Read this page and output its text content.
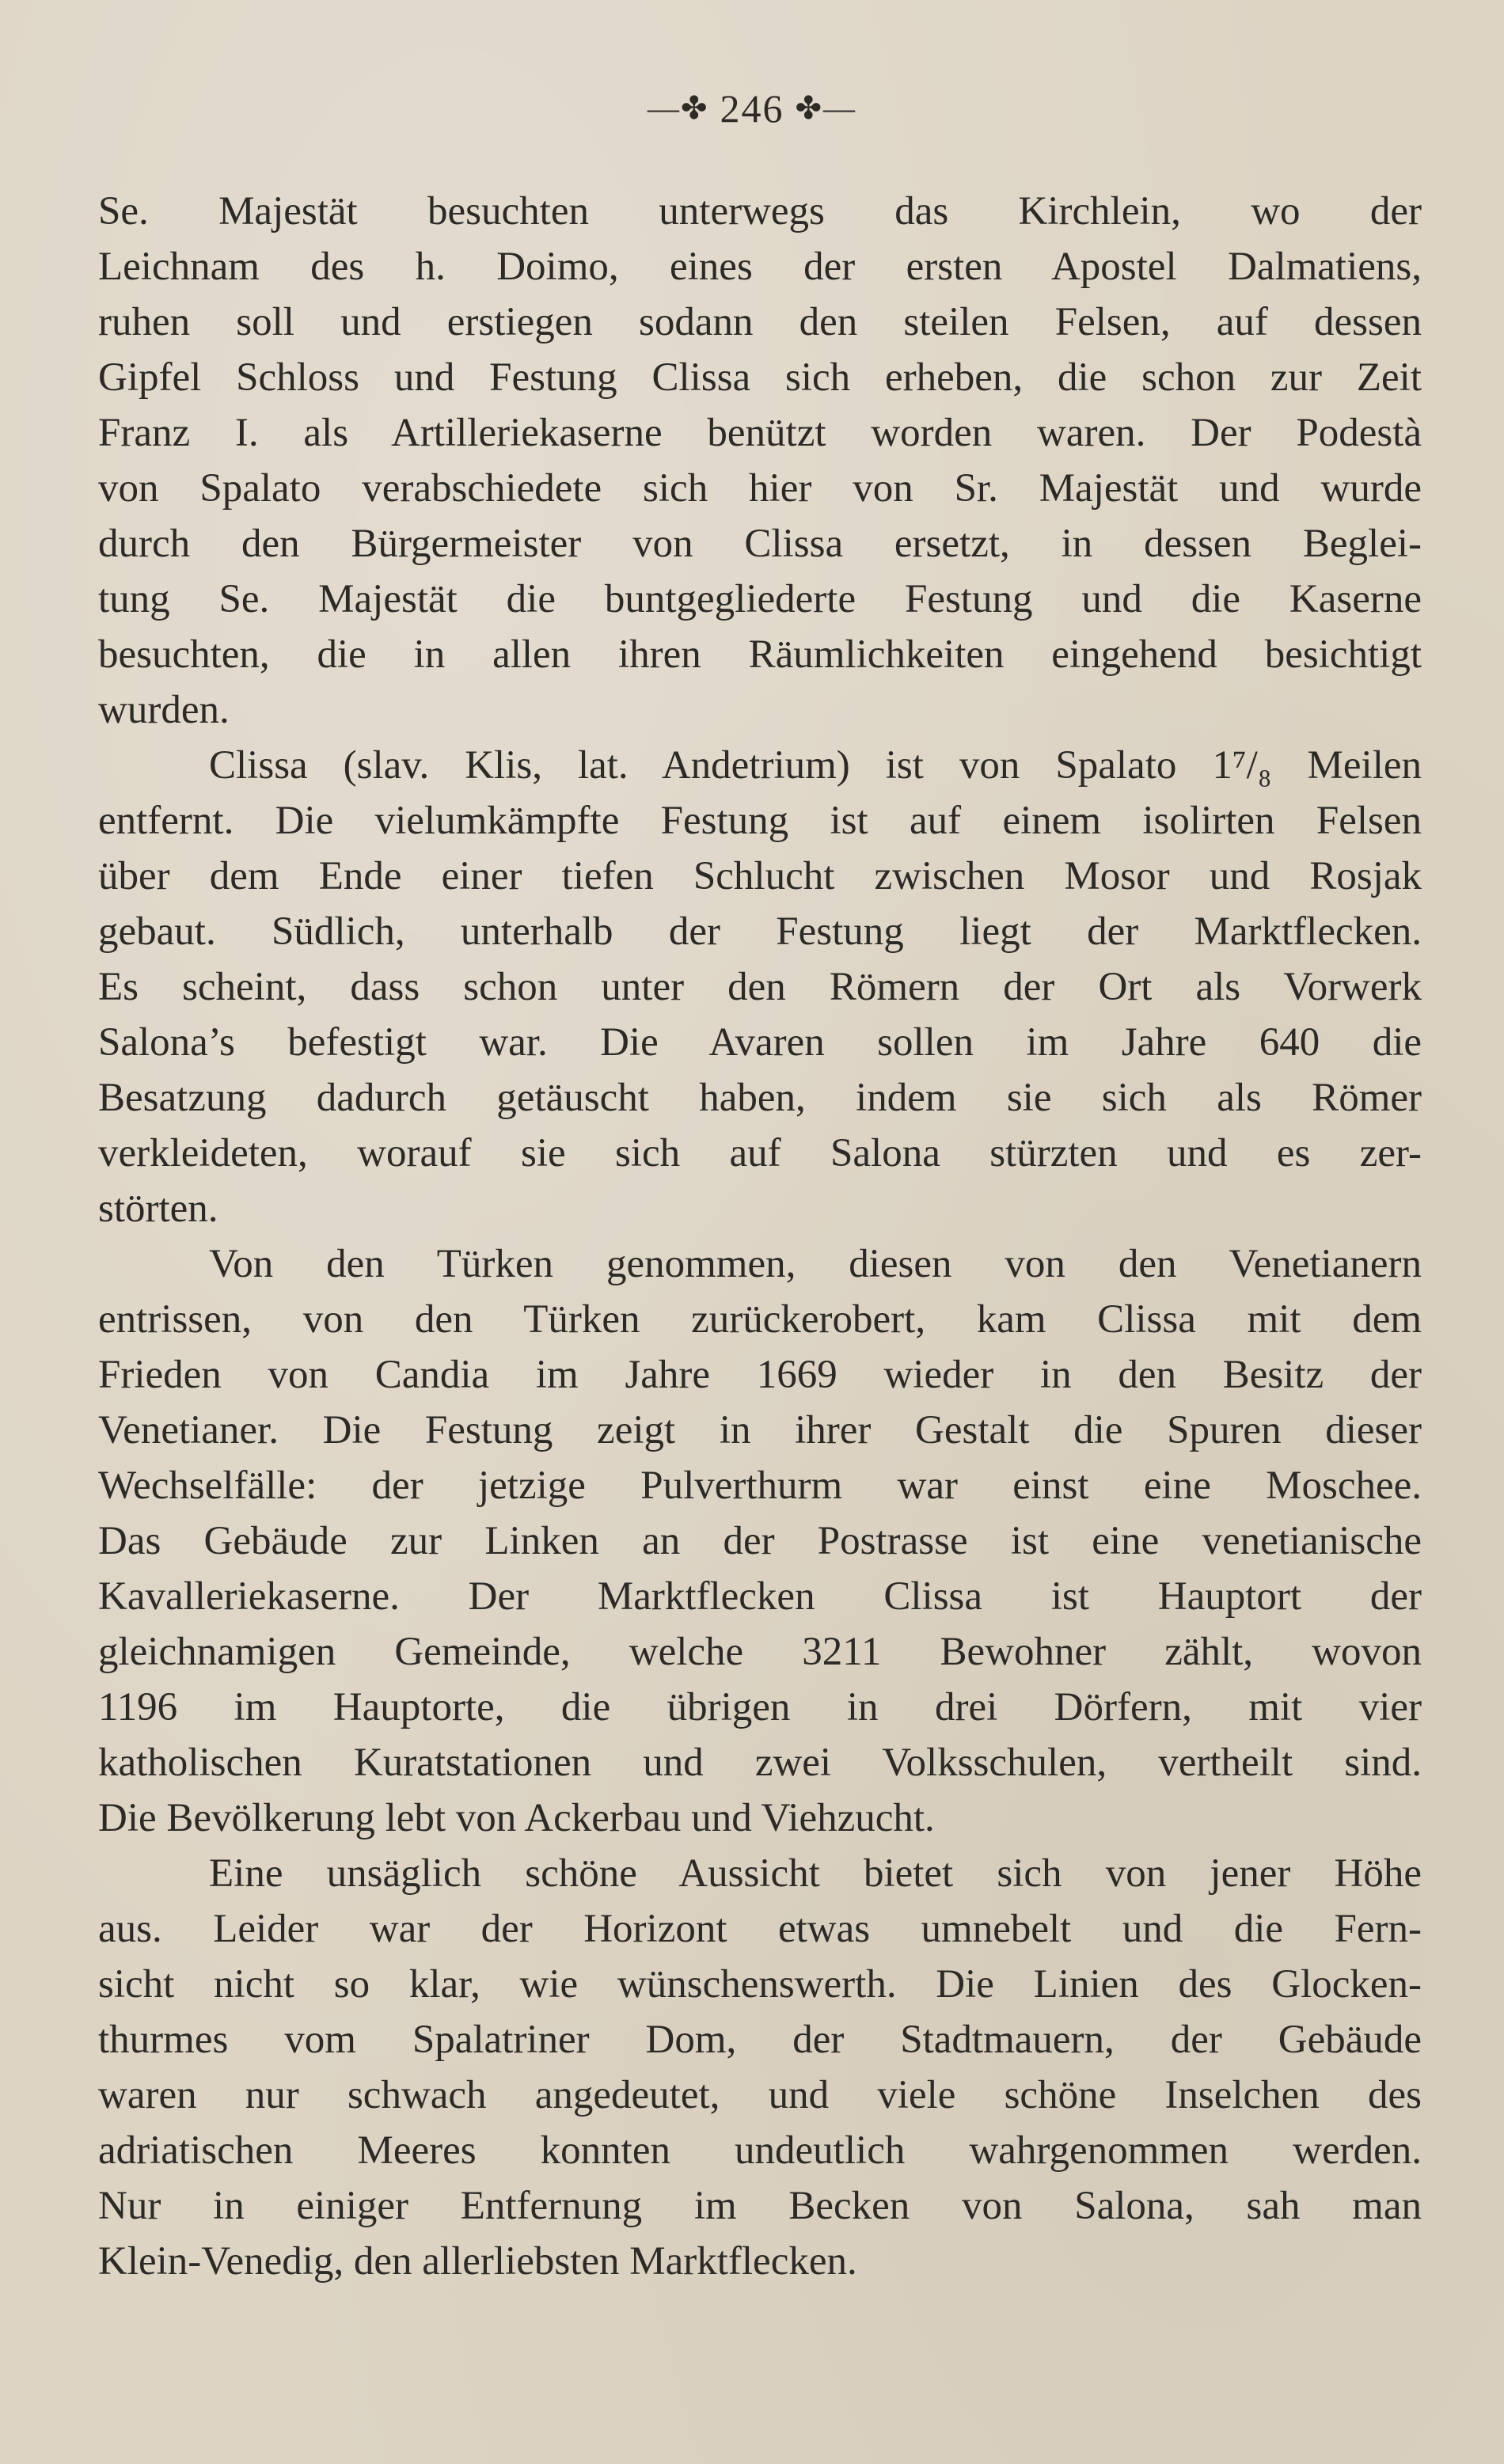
—✤ 246 ✤—
Se. Majestät besuchten unterwegs das Kirchlein, wo der
Leichnam des h. Doimo, eines der ersten Apostel Dalmatiens,
ruhen soll und erstiegen sodann den steilen Felsen, auf dessen
Gipfel Schloss und Festung Clissa sich erheben, die schon zur Zeit
Franz I. als Artilleriekaserne benützt worden waren. Der Podestà
von Spalato verabschiedete sich hier von Sr. Majestät und wurde
durch den Bürgermeister von Clissa ersetzt, in dessen Beglei-
tung Se. Majestät die buntgegliederte Festung und die Kaserne
besuchten, die in allen ihren Räumlichkeiten eingehend besichtigt
wurden.
Clissa (slav. Klis, lat. Andetrium) ist von Spalato 1⁷/₈ Meilen
entfernt. Die vielumkämpfte Festung ist auf einem isolirten Felsen
über dem Ende einer tiefen Schlucht zwischen Mosor und Rosjak
gebaut. Südlich, unterhalb der Festung liegt der Marktflecken.
Es scheint, dass schon unter den Römern der Ort als Vorwerk
Salona’s befestigt war. Die Avaren sollen im Jahre 640 die
Besatzung dadurch getäuscht haben, indem sie sich als Römer
verkleideten, worauf sie sich auf Salona stürzten und es zer-
störten.
Von den Türken genommen, diesen von den Venetianern
entrissen, von den Türken zurückerobert, kam Clissa mit dem
Frieden von Candia im Jahre 1669 wieder in den Besitz der
Venetianer. Die Festung zeigt in ihrer Gestalt die Spuren dieser
Wechselfälle: der jetzige Pulverthurm war einst eine Moschee.
Das Gebäude zur Linken an der Postrasse ist eine venetianische
Kavalleriekaserne. Der Marktflecken Clissa ist Hauptort der
gleichnamigen Gemeinde, welche 3211 Bewohner zählt, wovon
1196 im Hauptorte, die übrigen in drei Dörfern, mit vier
katholischen Kuratstationen und zwei Volksschulen, vertheilt sind.
Die Bevölkerung lebt von Ackerbau und Viehzucht.
Eine unsäglich schöne Aussicht bietet sich von jener Höhe
aus. Leider war der Horizont etwas umnebelt und die Fern-
sicht nicht so klar, wie wünschenswerth. Die Linien des Glocken-
thurmes vom Spalatriner Dom, der Stadtmauern, der Gebäude
waren nur schwach angedeutet, und viele schöne Inselchen des
adriatischen Meeres konnten undeutlich wahrgenommen werden.
Nur in einiger Entfernung im Becken von Salona, sah man
Klein-Venedig, den allerliebsten Marktflecken.
